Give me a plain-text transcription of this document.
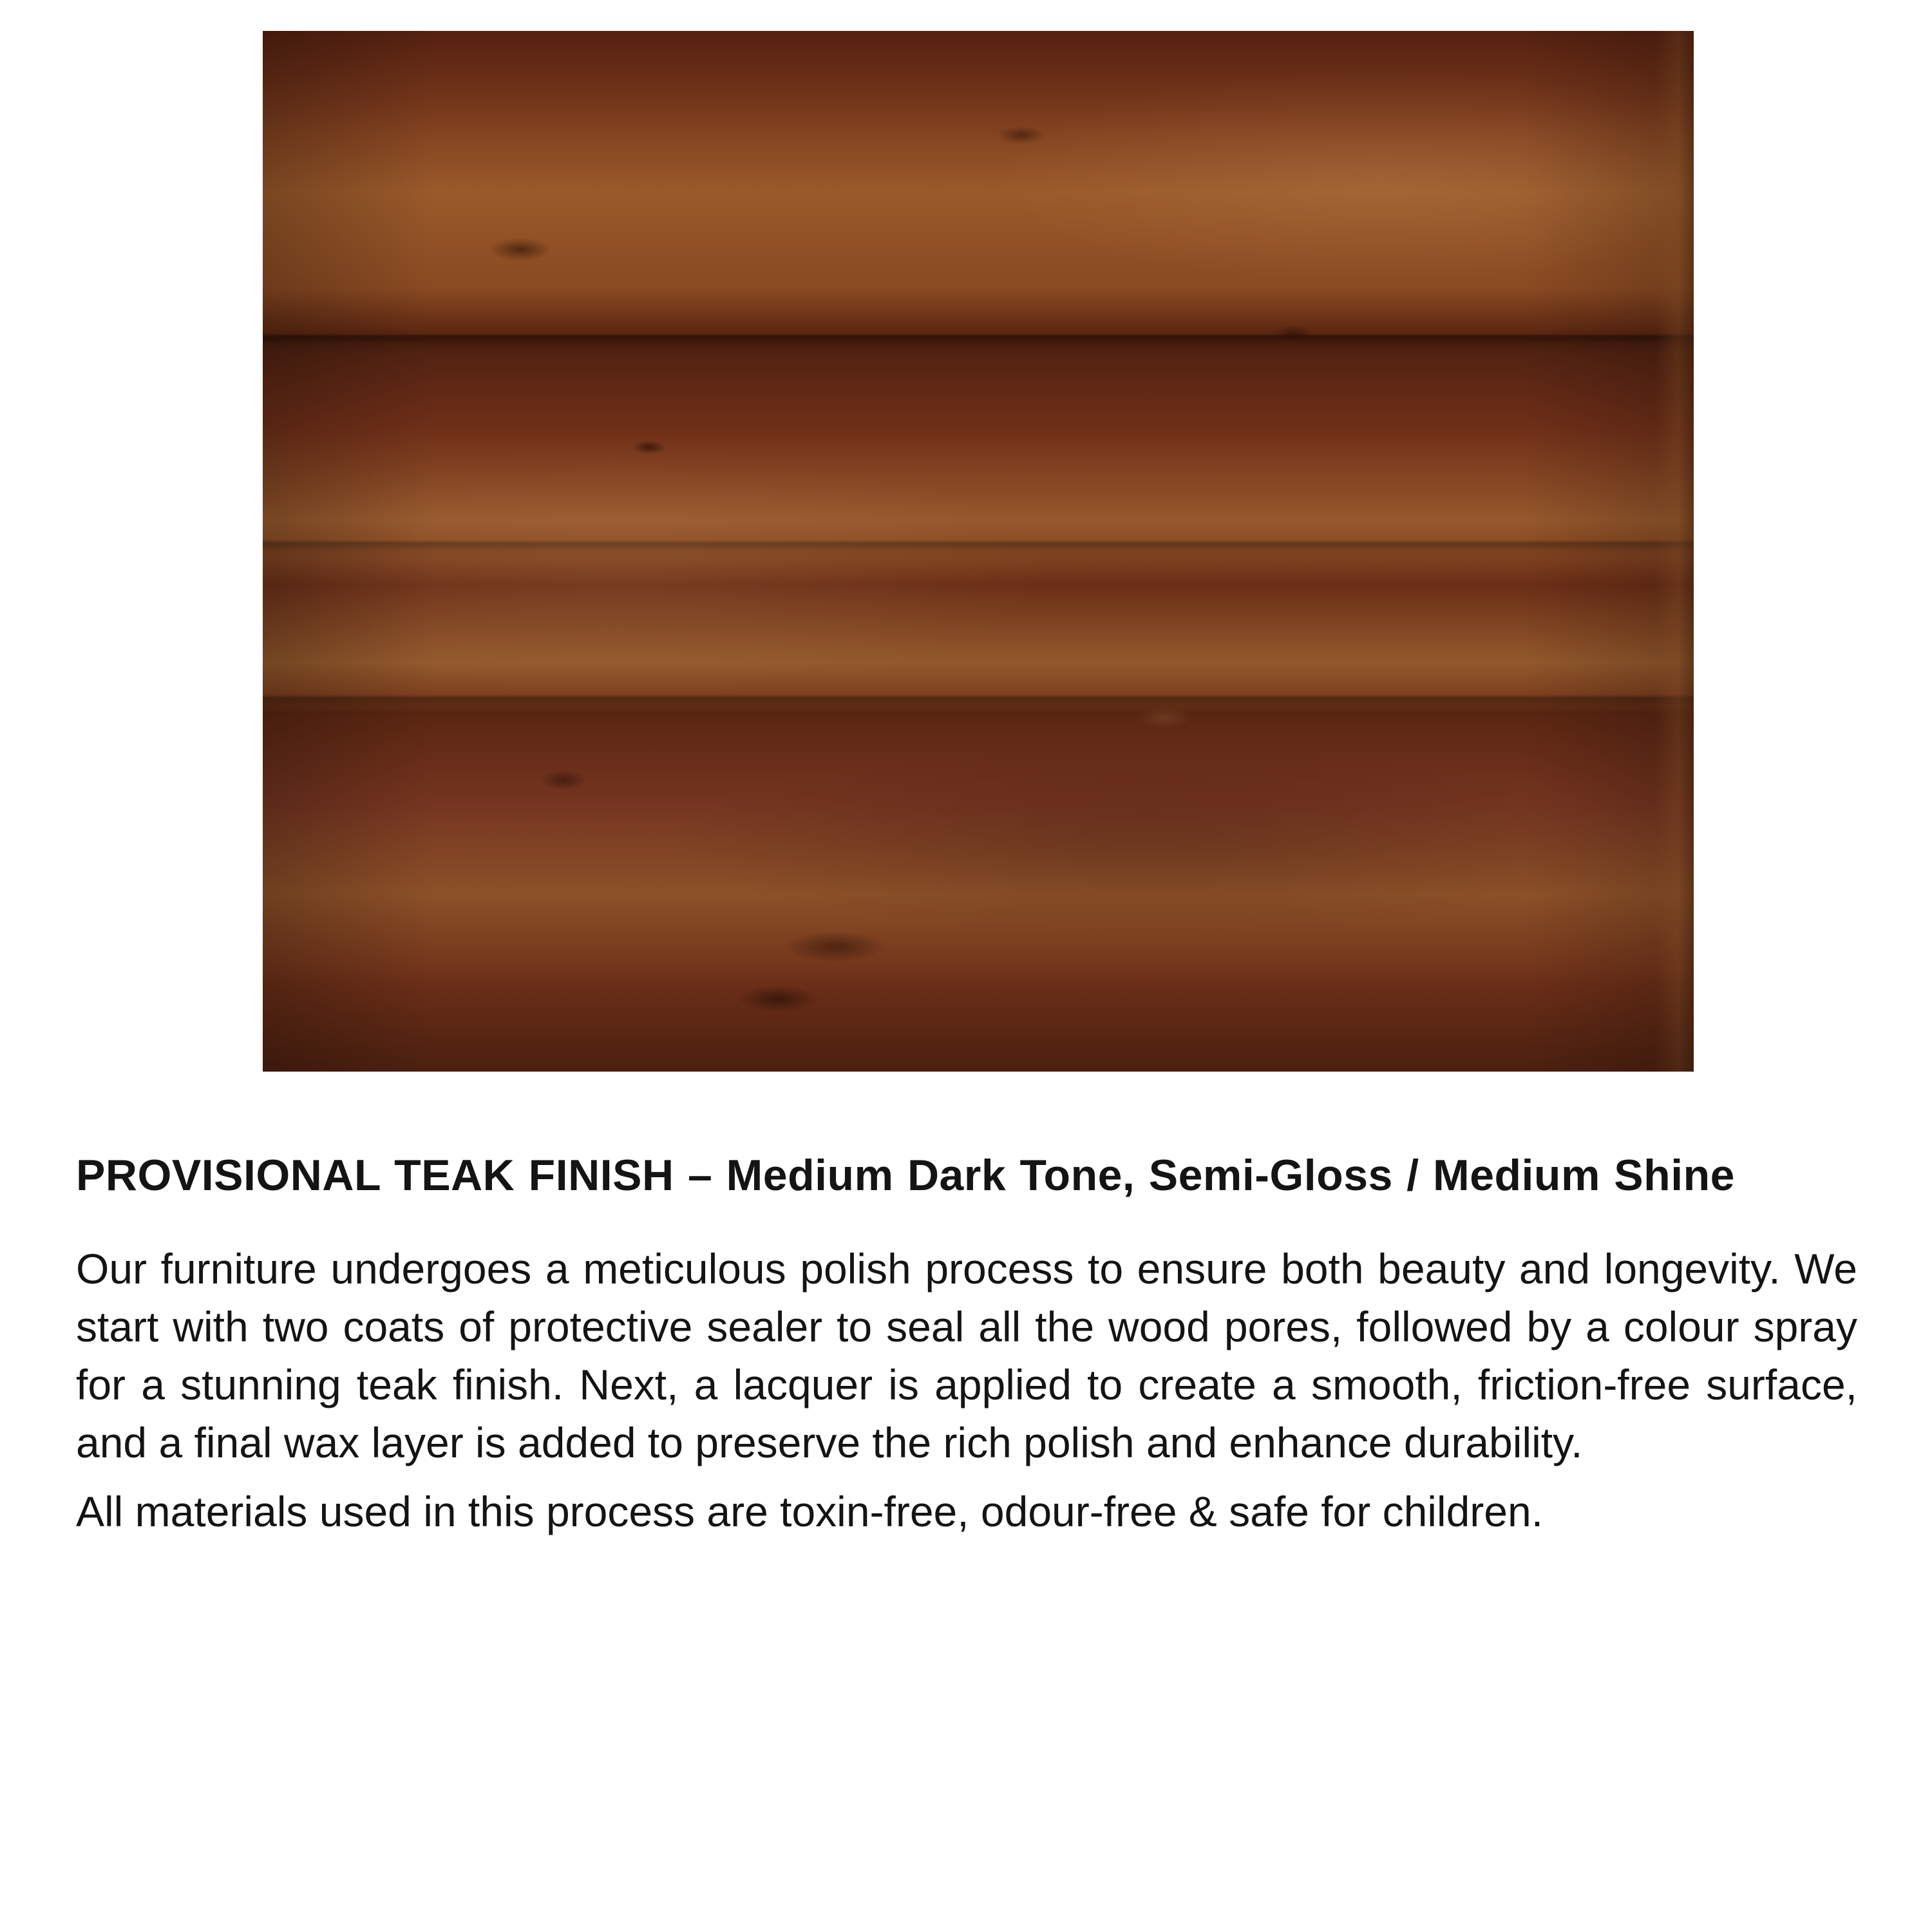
PROVISIONAL TEAK FINISH – Medium Dark Tone, Semi-Gloss / Medium Shine

Our furniture undergoes a meticulous polish process to ensure both beauty and longevity. We start with two coats of protective sealer to seal all the wood pores, followed by a colour spray for a stunning teak finish. Next, a lacquer is applied to create a smooth, friction-free surface, and a final wax layer is added to preserve the rich polish and enhance durability.

All materials used in this process are toxin-free, odour-free & safe for children.
